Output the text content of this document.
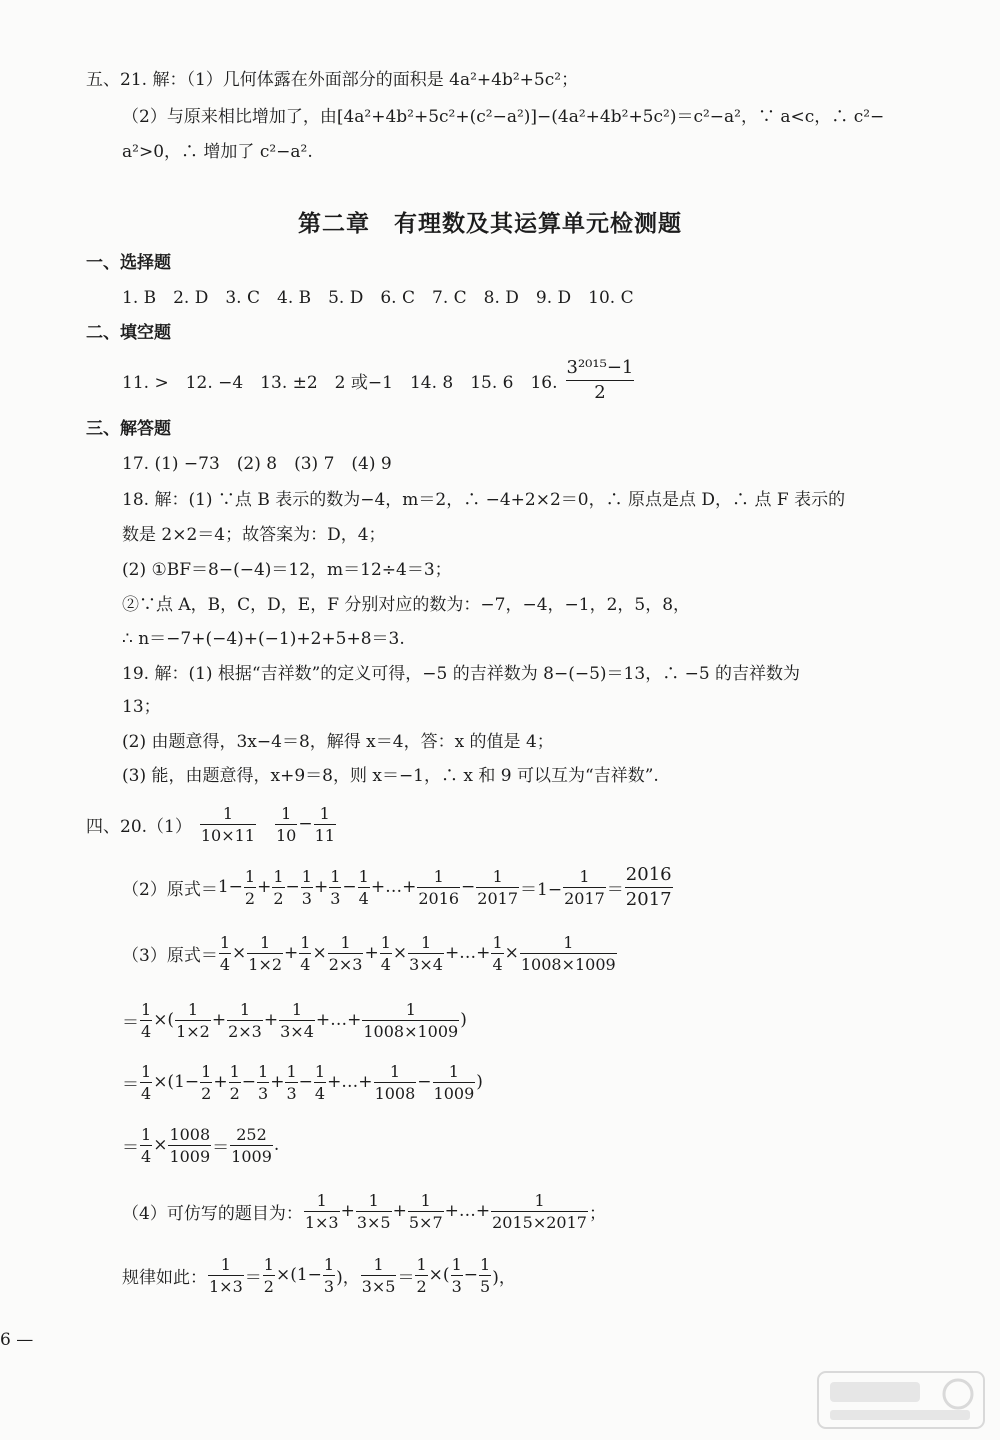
五、21. 解：（1）几何体露在外面部分的面积是 4a²+4b²+5c²；
（2）与原来相比增加了，由[4a²+4b²+5c²+(c²−a²)]−(4a²+4b²+5c²)＝c²−a²，∵ a<c，∴ c²−
a²>0，∴ 增加了 c²−a².
第二章　有理数及其运算单元检测题
一、选择题
1. B　2. D　3. C　4. B　5. D　6. C　7. C　8. D　9. D　10. C
二、填空题
11. >　12. −4　13. ±2　2 或−1　14. 8　15. 6　16. $\frac{\text{3²⁰¹⁵−1}}{2}$
三、解答题
17. (1) −73　(2) 8　(3) 7　(4) 9
18. 解：(1) ∵点 B 表示的数为−4，m＝2，∴ −4+2×2＝0，∴ 原点是点 D，∴ 点 F 表示的
数是 2×2＝4；故答案为：D，4；
(2) ①BF＝8−(−4)＝12，m＝12÷4＝3；
②∵点 A，B，C，D，E，F 分别对应的数为：−7，−4，−1，2，5，8，
∴ n＝−7+(−4)+(−1)+2+5+8＝3.
19. 解：(1) 根据“吉祥数”的定义可得，−5 的吉祥数为 8−(−5)＝13，∴ −5 的吉祥数为
13；
(2) 由题意得，3x−4＝8，解得 x＝4，答：x 的值是 4；
(3) 能，由题意得，x+9＝8，则 x＝−1，∴ x 和 9 可以互为“吉祥数”.
四、$20.(1) \frac{1}{10\times 11} \frac{1}{10} - \frac{1}{11}$
（2）原式＝ $1- \frac{1}{2} + \frac{1}{2} - \frac{1}{3} + \frac{1}{3} - \frac{1}{4}$ +…+ $\frac{1}{2016} - \frac{1}{2017} =1- \frac{1}{2017} = \frac{2016}{2017}$
（3）原式＝ $\frac{1}{4} \times \frac{1}{1\times 2} + \frac{1}{4} \times \frac{1}{2\times 3} + \frac{1}{4} \times \frac{1}{3\times 4}$ +…+ $\frac{1}{4} \times \frac{1}{1008\times 1009}$
＝ $\frac{1}{4}$ ×( $\frac{1}{1\times 2} + \frac{1}{2\times 3} + \frac{1}{3\times 4}$ +…+ $\frac{1}{1008\times 1009}$ )
＝ $\frac{1}{4} \times(1- \frac{1}{2} + \frac{1}{2} - \frac{1}{3} + \frac{1}{3} - \frac{1}{4}$ +…+ $\frac{1}{1008} - \frac{1}{1009}$ )
＝ $\frac{1}{4} \times \frac{1008}{1009} = \frac{252}{1009}$ .
（4）可仿写的题目为： $\frac{1}{1\times 3} + \frac{1}{3\times 5} + \frac{1}{5\times 7}$ +…+ $\frac{1}{2015\times 2017}$ ；
规律如此： $\frac{1}{1\times 3} = \frac{1}{2} \times(1- \frac{1}{3}$ )， $\frac{1}{3\times 5} = \frac{1}{2}$ ×( $\frac{1}{3} - \frac{1}{5}$ )，
6 —
